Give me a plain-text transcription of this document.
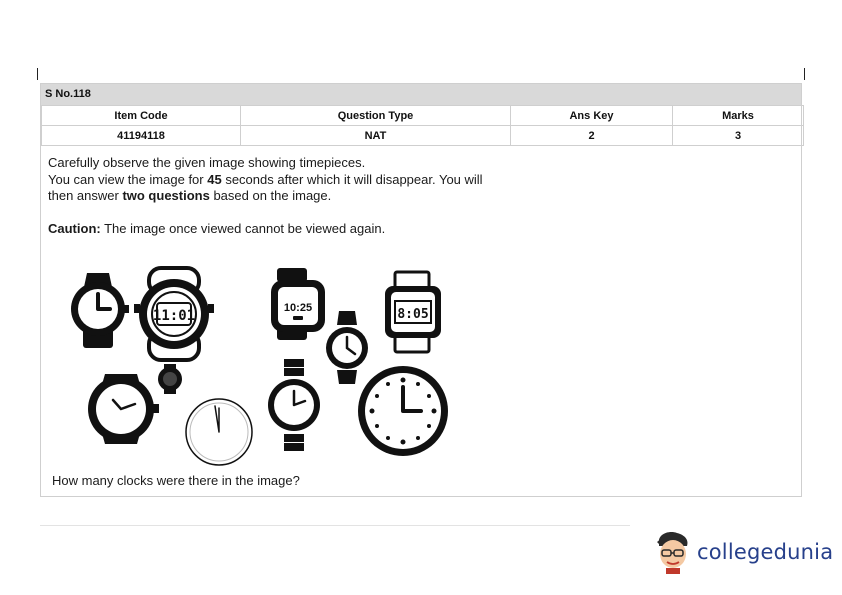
S No.118
Item Code	Question Type	Ans Key	Marks
41194118	NAT	2	3

Carefully observe the given image showing timepieces.

You can view the image for 45 seconds after which it will disappear. You will

then answer two questions based on the image.

Caution: The image once viewed cannot be viewed again.

11:01	10:25	8:05
How many clocks were there in the image?
collegedunia
